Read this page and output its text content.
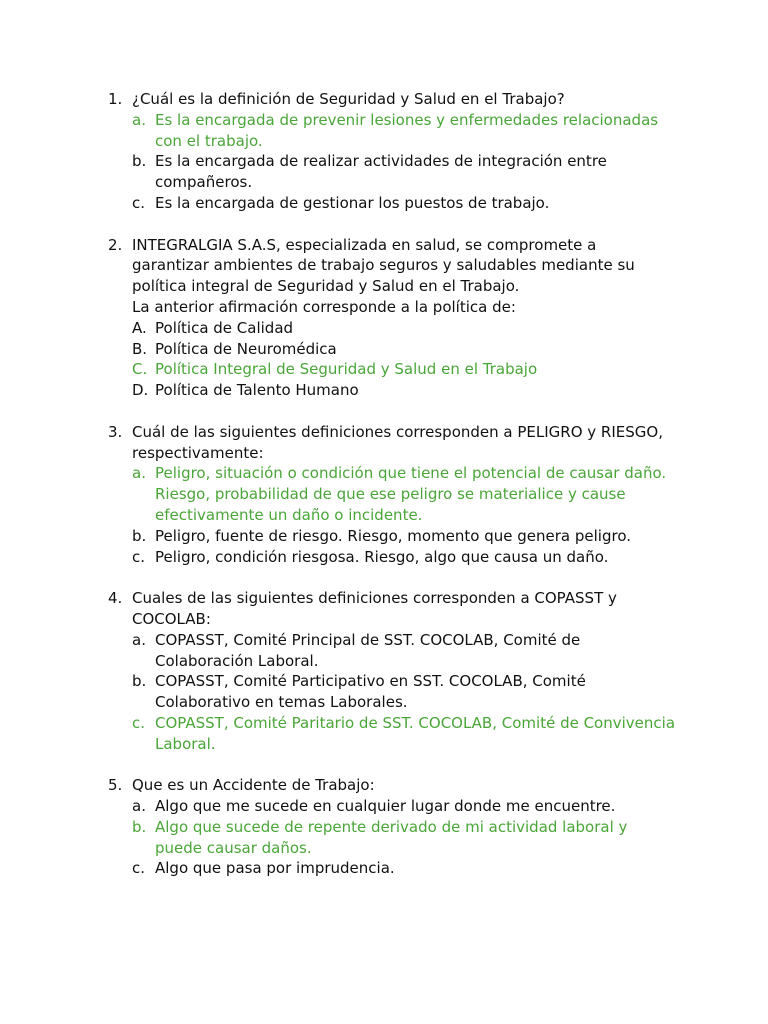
1. ¿Cuál es la definición de Seguridad y Salud en el Trabajo?
a. Es la encargada de prevenir lesiones y enfermedades relacionadas con el trabajo.
b. Es la encargada de realizar actividades de integración entre compañeros.
c. Es la encargada de gestionar los puestos de trabajo.
2. INTEGRALGIA S.A.S, especializada en salud, se compromete a garantizar ambientes de trabajo seguros y saludables mediante su política integral de Seguridad y Salud en el Trabajo.
La anterior afirmación corresponde a la política de:
A. Política de Calidad
B. Política de Neuromédica
C. Política Integral de Seguridad y Salud en el Trabajo
D. Política de Talento Humano
3. Cuál de las siguientes definiciones corresponden a PELIGRO y RIESGO, respectivamente:
a. Peligro, situación o condición que tiene el potencial de causar daño. Riesgo, probabilidad de que ese peligro se materialice y cause efectivamente un daño o incidente.
b. Peligro, fuente de riesgo. Riesgo, momento que genera peligro.
c. Peligro, condición riesgosa. Riesgo, algo que causa un daño.
4. Cuales de las siguientes definiciones corresponden a COPASST y COCOLAB:
a. COPASST, Comité Principal de SST. COCOLAB, Comité de Colaboración Laboral.
b. COPASST, Comité Participativo en SST. COCOLAB, Comité Colaborativo en temas Laborales.
c. COPASST, Comité Paritario de SST. COCOLAB, Comité de Convivencia Laboral.
5. Que es un Accidente de Trabajo:
a. Algo que me sucede en cualquier lugar donde me encuentre.
b. Algo que sucede de repente derivado de mi actividad laboral y puede causar daños.
c. Algo que pasa por imprudencia.
